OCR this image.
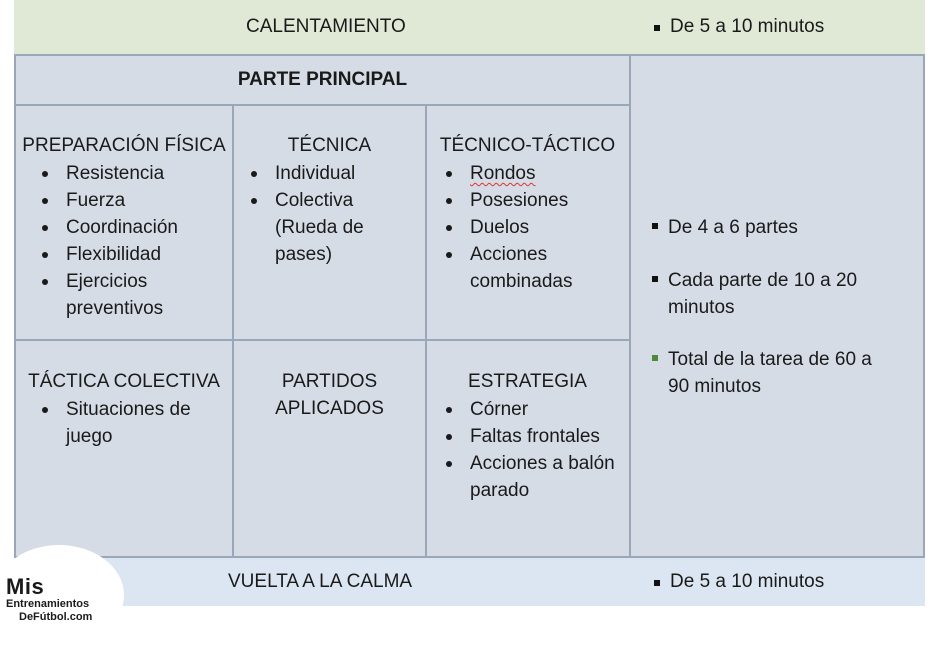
CALENTAMIENTO	De 5 a 10 minutos
PARTE PRINCIPAL
PREPARACIÓN FÍSICA
Resistencia
Fuerza
Coordinación
Flexibilidad
Ejercicios preventivos
TÉCNICA
Individual
Colectiva (Rueda de pases)
TÉCNICO-TÁCTICO
Rondos
Posesiones
Duelos
Acciones combinadas
TÁCTICA COLECTIVA
Situaciones de juego
PARTIDOS APLICADOS
ESTRATEGIA
Córner
Faltas frontales
Acciones a balón parado
De 4 a 6 partes
Cada parte de 10 a 20 minutos
Total de la tarea de 60 a 90 minutos
VUELTA A LA CALMA	De 5 a 10 minutos
Mis
Entrenamientos
DeFútbol.com
